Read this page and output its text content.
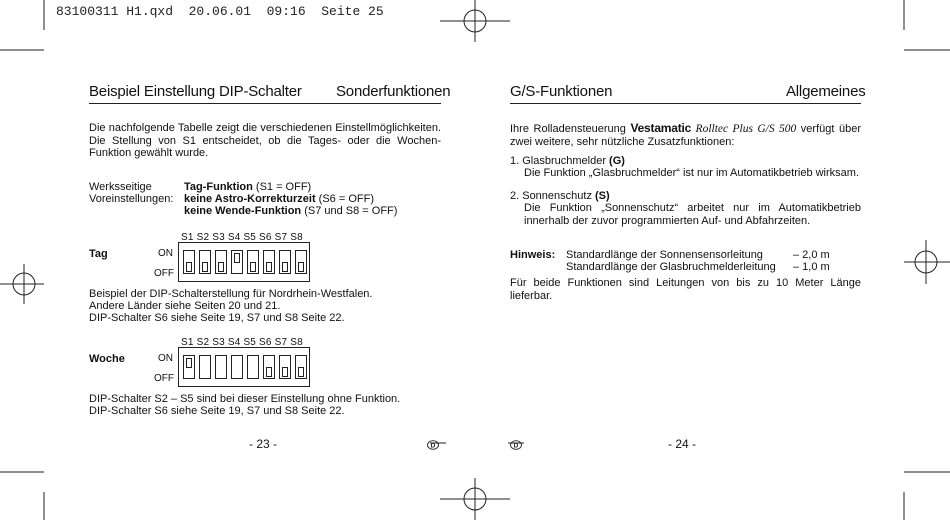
83100311 H1.qxd  20.06.01  09:16  Seite 25
Beispiel Einstellung DIP-Schalter Sonderfunktionen
Die nachfolgende Tabelle zeigt die verschiedenen Einstellmöglichkeiten. Die Stellung von S1 entscheidet, ob die Tages- oder die Wochen-Funktion gewählt wurde.
Werksseitige
Voreinstellungen:
Tag-Funktion (S1 = OFF)
keine Astro-Korrekturzeit (S6 = OFF)
keine Wende-Funktion (S7 und S8 = OFF)
S1 S2 S3 S4 S5 S6 S7 S8
Tag	ON
OFF
Beispiel der DIP-Schalterstellung für Nordrhein-Westfalen.
Andere Länder siehe Seiten 20 und 21.
DIP-Schalter S6 siehe Seite 19, S7 und S8 Seite 22.
S1 S2 S3 S4 S5 S6 S7 S8
Woche	ON
OFF
DIP-Schalter S2 – S5 sind bei dieser Einstellung ohne Funktion.
DIP-Schalter S6 siehe Seite 19, S7 und S8 Seite 22.
- 23 -	D
G/S-Funktionen	Allgemeines
Ihre Rolladensteuerung Vestamatic Rolltec Plus G/S 500 verfügt über zwei weitere, sehr nützliche Zusatzfunktionen:
1. Glasbruchmelder (G)
Die Funktion „Glasbruchmelder“ ist nur im Automatikbetrieb wirksam.
2. Sonnenschutz (S)
Die Funktion „Sonnenschutz“ arbeitet nur im Automatikbetrieb innerhalb der zuvor programmierten Auf- und Abfahrzeiten.
Hinweis: Standardlänge der Sonnensensorleitung	– 2,0 m
Standardlänge der Glasbruchmelderleitung – 1,0 m
Für beide Funktionen sind Leitungen von bis zu 10 Meter Länge lieferbar.
D	- 24 -
